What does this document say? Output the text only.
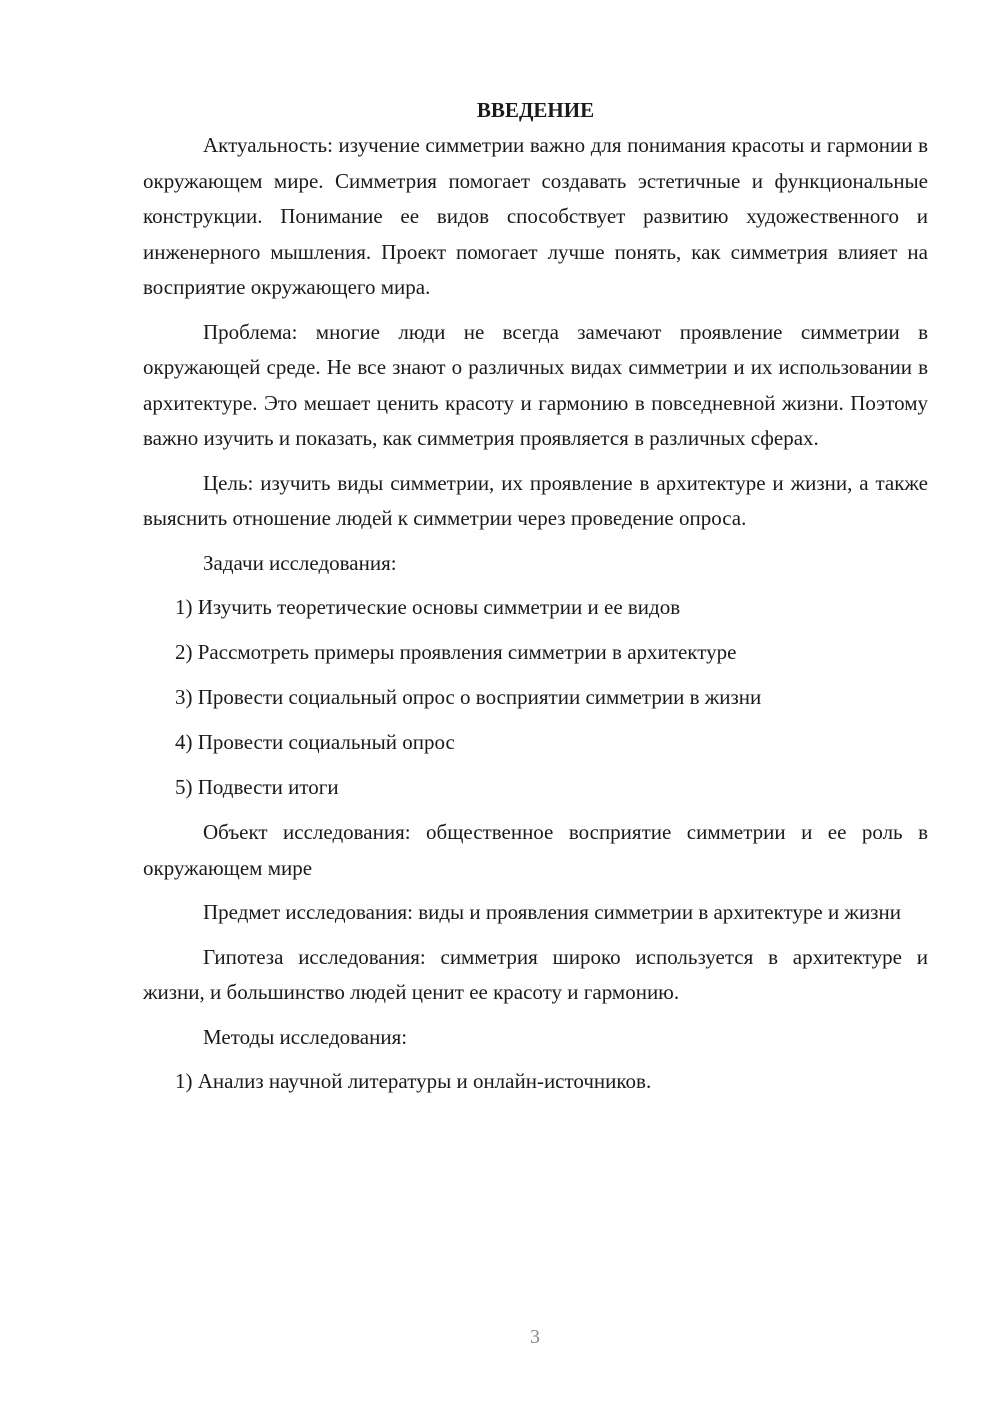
ВВЕДЕНИЕ

Актуальность: изучение симметрии важно для понимания красоты и гармонии в окружающем мире. Симметрия помогает создавать эстетичные и функциональные конструкции. Понимание ее видов способствует развитию художественного и инженерного мышления. Проект помогает лучше понять, как симметрия влияет на восприятие окружающего мира.

Проблема: многие люди не всегда замечают проявление симметрии в окружающей среде. Не все знают о различных видах симметрии и их использовании в архитектуре. Это мешает ценить красоту и гармонию в повседневной жизни. Поэтому важно изучить и показать, как симметрия проявляется в различных сферах.

Цель: изучить виды симметрии, их проявление в архитектуре и жизни, а также выяснить отношение людей к симметрии через проведение опроса.

Задачи исследования:

1) Изучить теоретические основы симметрии и ее видов
2) Рассмотреть примеры проявления симметрии в архитектуре
3) Провести социальный опрос о восприятии симметрии в жизни
4) Провести социальный опрос
5) Подвести итоги

Объект исследования: общественное восприятие симметрии и ее роль в окружающем мире

Предмет исследования: виды и проявления симметрии в архитектуре и жизни

Гипотеза исследования: симметрия широко используется в архитектуре и жизни, и большинство людей ценит ее красоту и гармонию.

Методы исследования:

1) Анализ научной литературы и онлайн-источников.
3
